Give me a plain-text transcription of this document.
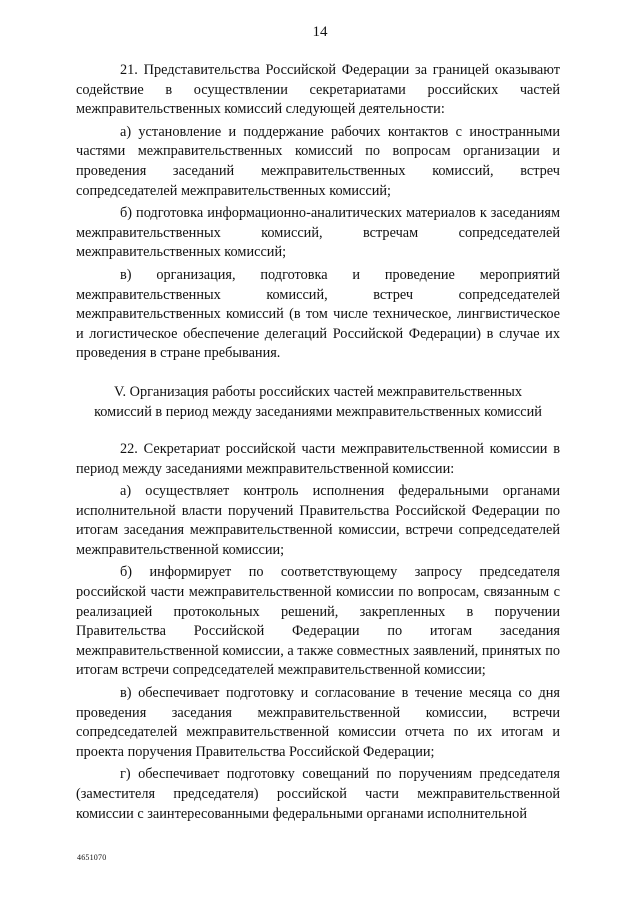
14

21. Представительства Российской Федерации за границей оказывают содействие в осуществлении секретариатами российских частей межправительственных комиссий следующей деятельности:

а) установление и поддержание рабочих контактов с иностранными частями межправительственных комиссий по вопросам организации и проведения заседаний межправительственных комиссий, встреч сопредседателей межправительственных комиссий;

б) подготовка информационно-аналитических материалов к заседаниям межправительственных комиссий, встречам сопредседателей межправительственных комиссий;

в) организация, подготовка и проведение мероприятий межправительственных комиссий, встреч сопредседателей межправительственных комиссий (в том числе техническое, лингвистическое и логистическое обеспечение делегаций Российской Федерации) в случае их проведения в стране пребывания.

V. Организация работы российских частей межправительственных
комиссий в период между заседаниями межправительственных комиссий

22. Секретариат российской части межправительственной комиссии в период между заседаниями межправительственной комиссии:

а) осуществляет контроль исполнения федеральными органами исполнительной власти поручений Правительства Российской Федерации по итогам заседания межправительственной комиссии, встречи сопредседателей межправительственной комиссии;

б) информирует по соответствующему запросу председателя российской части межправительственной комиссии по вопросам, связанным с реализацией протокольных решений, закрепленных в поручении Правительства Российской Федерации по итогам заседания межправительственной комиссии, а также совместных заявлений, принятых по итогам встречи сопредседателей межправительственной комиссии;

в) обеспечивает подготовку и согласование в течение месяца со дня проведения заседания межправительственной комиссии, встречи сопредседателей межправительственной комиссии отчета по их итогам и проекта поручения Правительства Российской Федерации;

г) обеспечивает подготовку совещаний по поручениям председателя (заместителя председателя) российской части межправительственной комиссии с заинтересованными федеральными органами исполнительной

4651070
